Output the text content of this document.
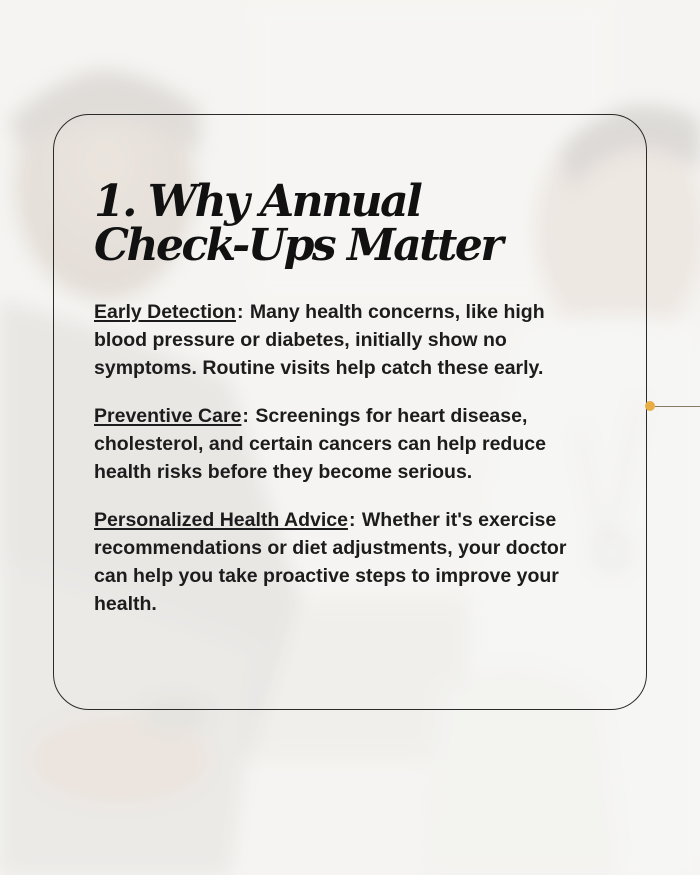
1. Why Annual Check-Ups Matter

Early Detection: Many health concerns, like high blood pressure or diabetes, initially show no symptoms. Routine visits help catch these early.

Preventive Care: Screenings for heart disease, cholesterol, and certain cancers can help reduce health risks before they become serious.

Personalized Health Advice: Whether it's exercise recommendations or diet adjustments, your doctor can help you take proactive steps to improve your health.
